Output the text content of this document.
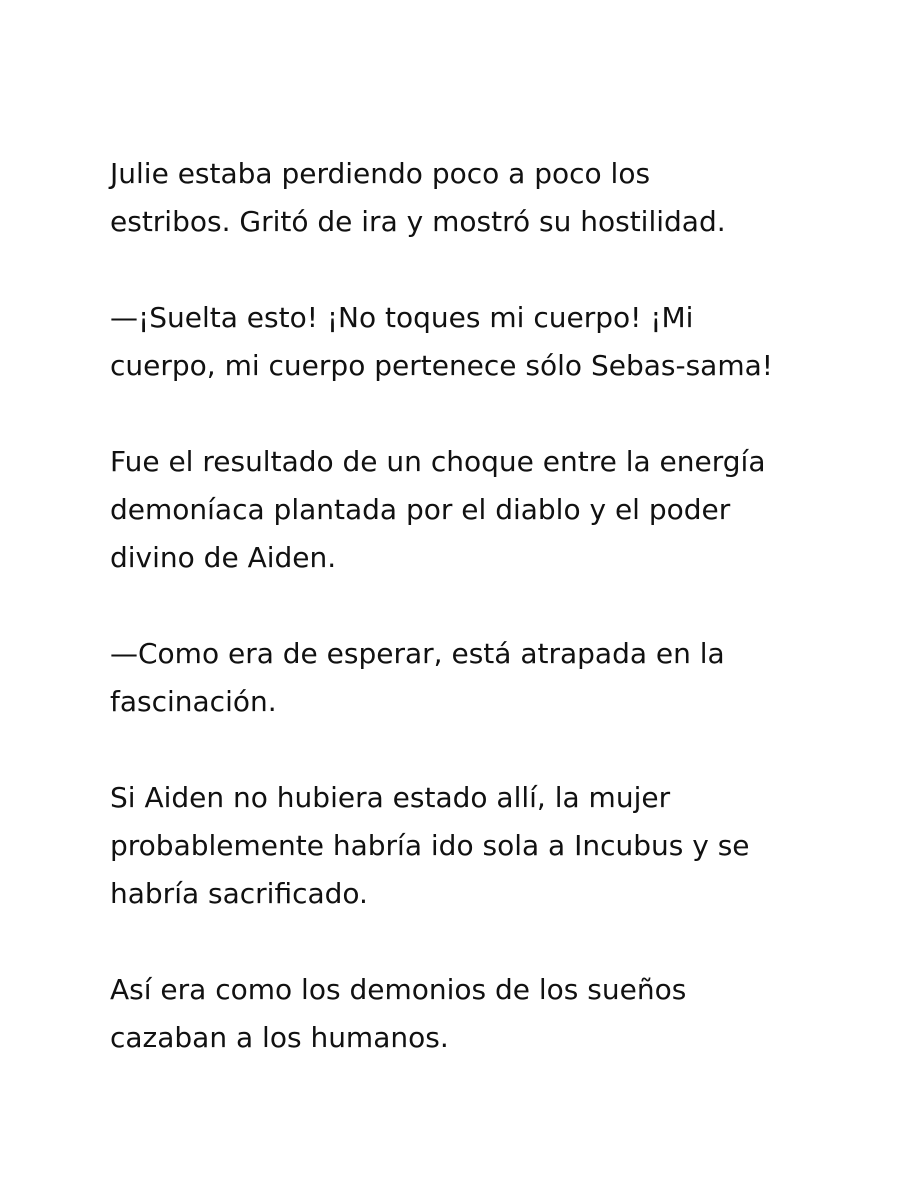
Julie estaba perdiendo poco a poco los
estribos. Gritó de ira y mostró su hostilidad.

—¡Suelta esto! ¡No toques mi cuerpo! ¡Mi
cuerpo, mi cuerpo pertenece sólo Sebas-sama!

Fue el resultado de un choque entre la energía
demoníaca plantada por el diablo y el poder
divino de Aiden.

—Como era de esperar, está atrapada en la
fascinación.

Si Aiden no hubiera estado allí, la mujer
probablemente habría ido sola a Incubus y se
habría sacrificado.

Así era como los demonios de los sueños
cazaban a los humanos.
